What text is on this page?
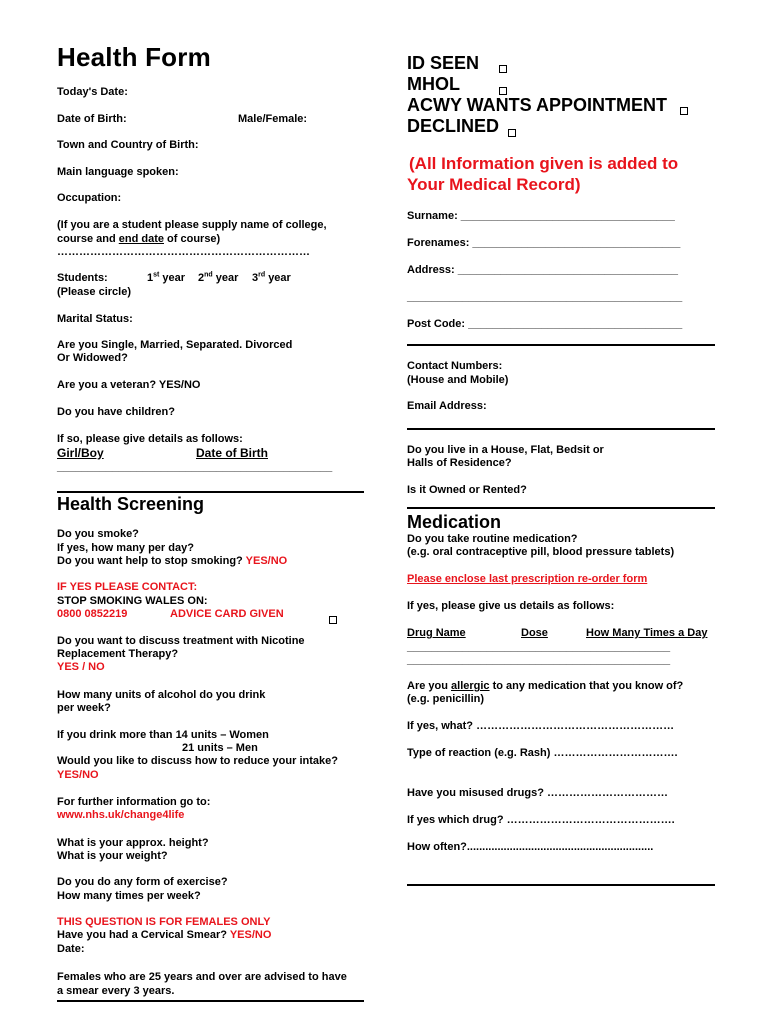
Health Form
Today's Date:
Date of Birth:	Male/Female:
Town and Country of Birth:
Main language spoken:
Occupation:
(If you are a student please supply name of college,
course and end date of course)
……………………………………………………………
Students:	1st year 2nd year 3rd year
(Please circle)
Marital Status:
Are you Single, Married, Separated. Divorced
Or Widowed?
Are you a veteran? YES/NO
Do you have children?
If so, please give details as follows:
Girl/Boy	Date of Birth
_____________________________________________
Health Screening
Do you smoke?
If yes, how many per day?
Do you want help to stop smoking? YES/NO
IF YES PLEASE CONTACT:
STOP SMOKING WALES ON:
0800 0852219	ADVICE CARD GIVEN
Do you want to discuss treatment with Nicotine
Replacement Therapy?
YES / NO
How many units of alcohol do you drink
per week?
If you drink more than 14 units – Women
21 units – Men
Would you like to discuss how to reduce your intake?
YES/NO
For further information go to:
www.nhs.uk/change4life
What is your approx. height?
What is your weight?
Do you do any form of exercise?
How many times per week?
THIS QUESTION IS FOR FEMALES ONLY
Have you had a Cervical Smear? YES/NO
Date:
Females who are 25 years and over are advised to have
a smear every 3 years.
ID SEEN
MHOL
ACWY WANTS APPOINTMENT
DECLINED
(All Information given is added to
Your Medical Record)
Surname: ___________________________________
Forenames: __________________________________
Address: ____________________________________
_____________________________________________
Post Code: ___________________________________
Contact Numbers:
(House and Mobile)
Email Address:
Do you live in a House, Flat, Bedsit or
Halls of Residence?
Is it Owned or Rented?
Medication
Do you take routine medication?
(e.g. oral contraceptive pill, blood pressure tablets)
Please enclose last prescription re-order form
If yes, please give us details as follows:
Drug Name	Dose	How Many Times a Day
___________________________________________
___________________________________________
Are you allergic to any medication that you know of?
(e.g. penicillin)
If yes, what? ………………………………………………
Type of reaction (e.g. Rash) …………………………….
Have you misused drugs? ……………………………
If yes which drug? ……………………………………….
How often?.............................................................
